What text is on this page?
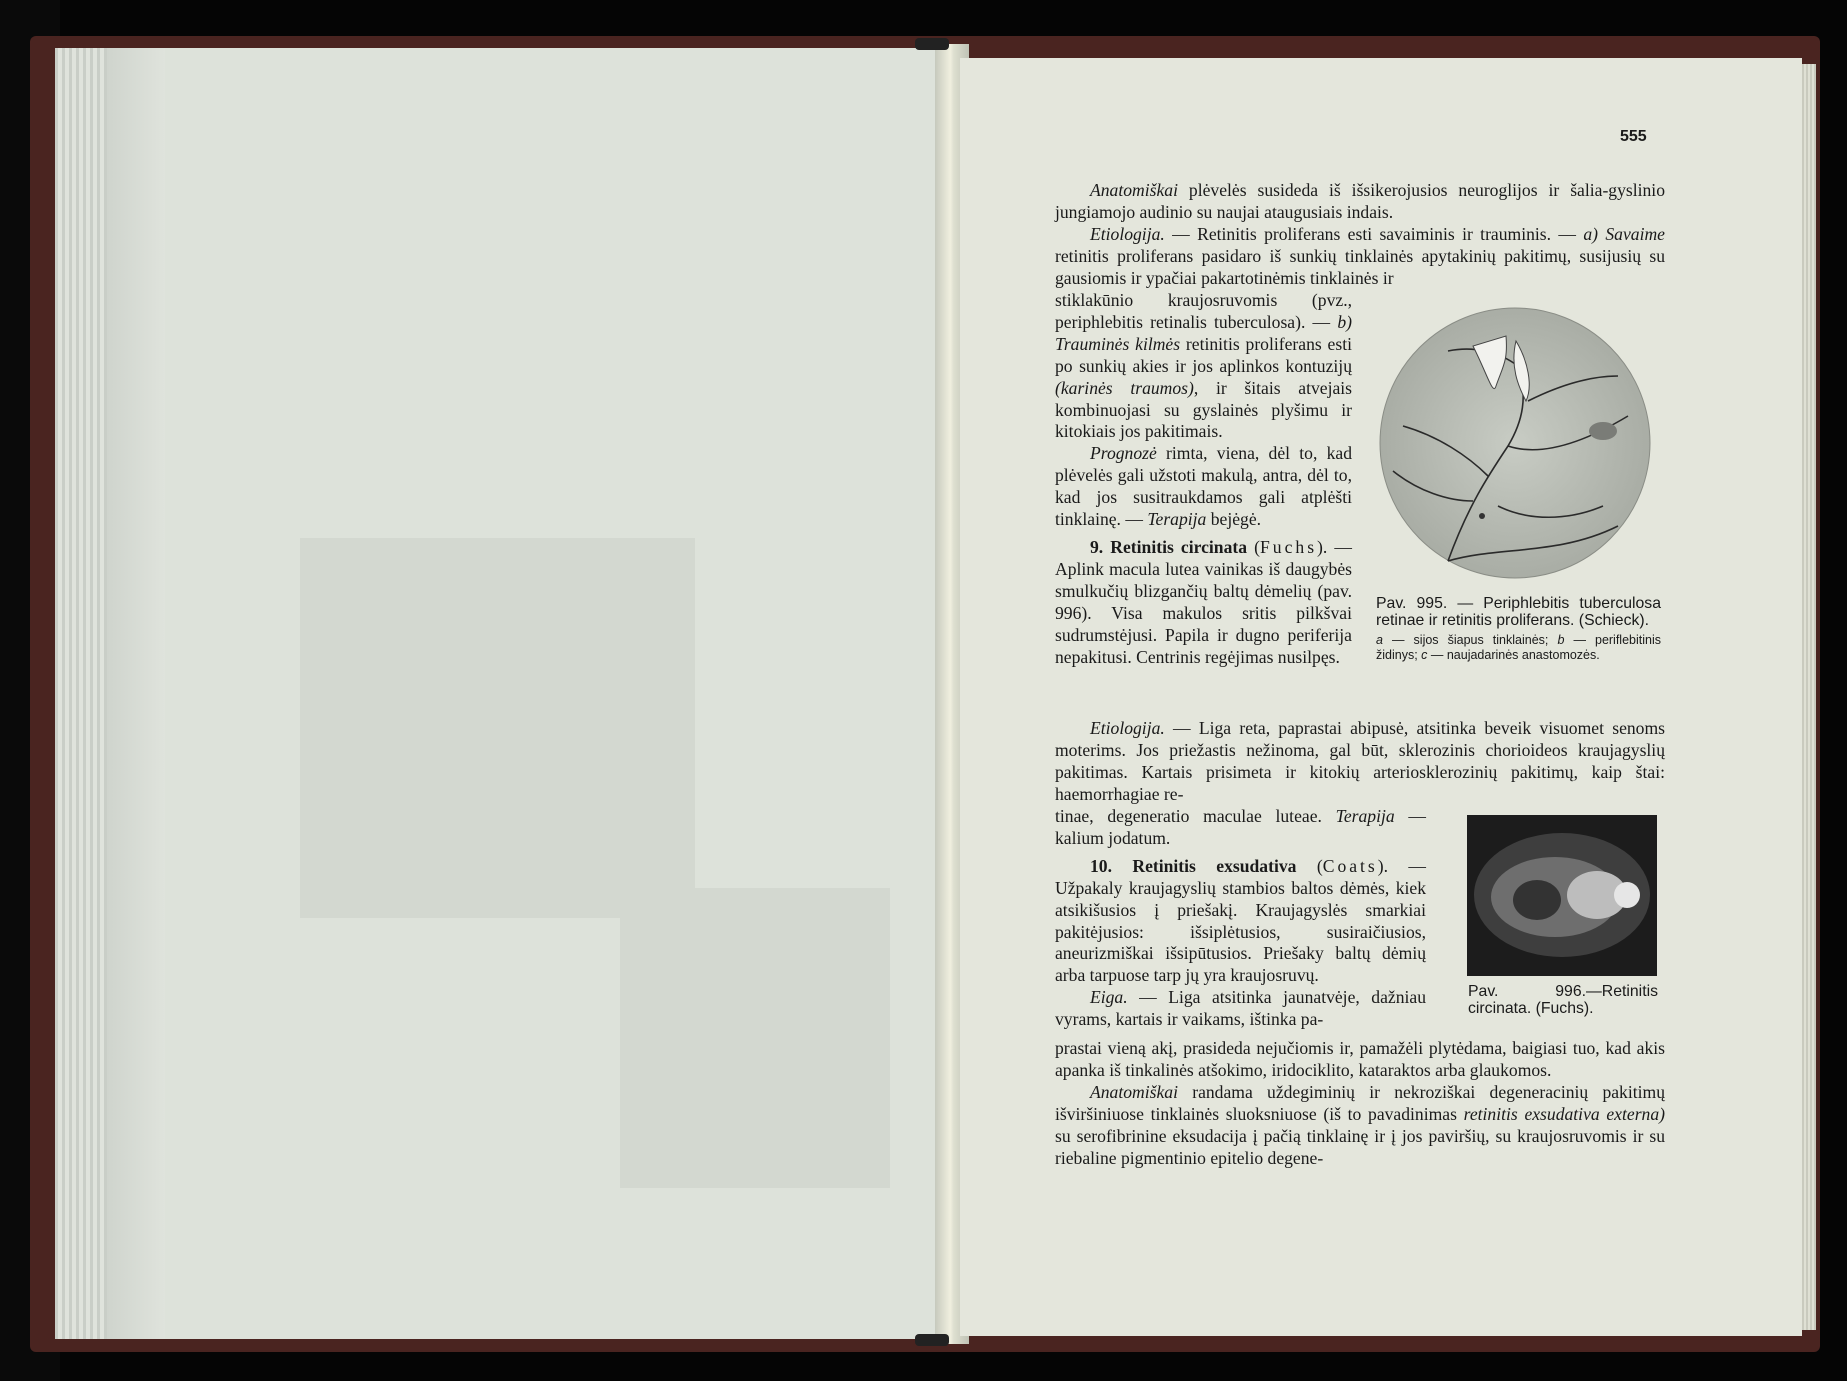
555

Anatomiškai plėvelės susideda iš išsikerojusios neuroglijos ir šalia-gyslinio jungiamojo audinio su naujai ataugusiais indais.

Etiologija. — Retinitis proliferans esti savaiminis ir trauminis. — a) Savaime retinitis proliferans pasidaro iš sunkių tinklainės apytakinių pakitimų, susijusių su gausiomis ir ypačiai pakartotinėmis tinklainės ir

stiklakūnio kraujosruvomis (pvz., periphlebitis retinalis tuberculosa). — b) Trauminės kilmės retinitis proliferans esti po sunkių akies ir jos aplinkos kontuzijų (karinės traumos), ir šitais atvejais kombinuojasi su gyslainės plyšimu ir kitokiais jos pakitimais.

Prognozė rimta, viena, dėl to, kad plėvelės gali užstoti makulą, antra, dėl to, kad jos susitraukdamos gali atplėšti tinklainę. — Terapija bejėgė.

9. Retinitis circinata (Fuchs). — Aplink macula lutea vainikas iš daugybės smulkučių blizgančių baltų dėmelių (pav. 996). Visa makulos sritis pilkšvai sudrumstėjusi. Papila ir dugno periferija nepakitusi. Centrinis regėjimas nusilpęs.

Pav. 995. — Periphlebitis tuberculosa retinae ir retinitis proliferans. (Schieck).
a — sijos šiapus tinklainės; b — periflebitinis židinys; c — naujadarinės anastomozės.

Etiologija. — Liga reta, paprastai abipusė, atsitinka beveik visuomet senoms moterims. Jos priežastis nežinoma, gal būt, sklerozinis chorioideos kraujagyslių pakitimas. Kartais prisimeta ir kitokių arteriosklerozinių pakitimų, kaip štai: haemorrhagiae re-

tinae, degeneratio maculae luteae. Terapija — kalium jodatum.

10. Retinitis exsudativa (Coats). — Užpakaly kraujagyslių stambios baltos dėmės, kiek atsikišusios į priešakį. Kraujagyslės smarkiai pakitėjusios: išsiplėtusios, susiraičiusios, aneurizmiškai išsipūtusios. Priešaky baltų dėmių arba tarpuose tarp jų yra kraujosruvų.

Eiga. — Liga atsitinka jaunatvėje, dažniau vyrams, kartais ir vaikams, ištinka pa-

Pav. 996.—Retinitis circinata. (Fuchs).

prastai vieną akį, prasideda nejučiomis ir, pamažėli plytėdama, baigiasi tuo, kad akis apanka iš tinkalinės atšokimo, iridociklito, kataraktos arba glaukomos.

Anatomiškai randama uždegiminių ir nekroziškai degeneracinių pakitimų išviršiniuose tinklainės sluoksniuose (iš to pavadinimas retinitis exsudativa externa) su serofibrinine eksudacija į pačią tinklainę ir į jos paviršių, su kraujosruvomis ir su riebaline pigmentinio epitelio degene-
